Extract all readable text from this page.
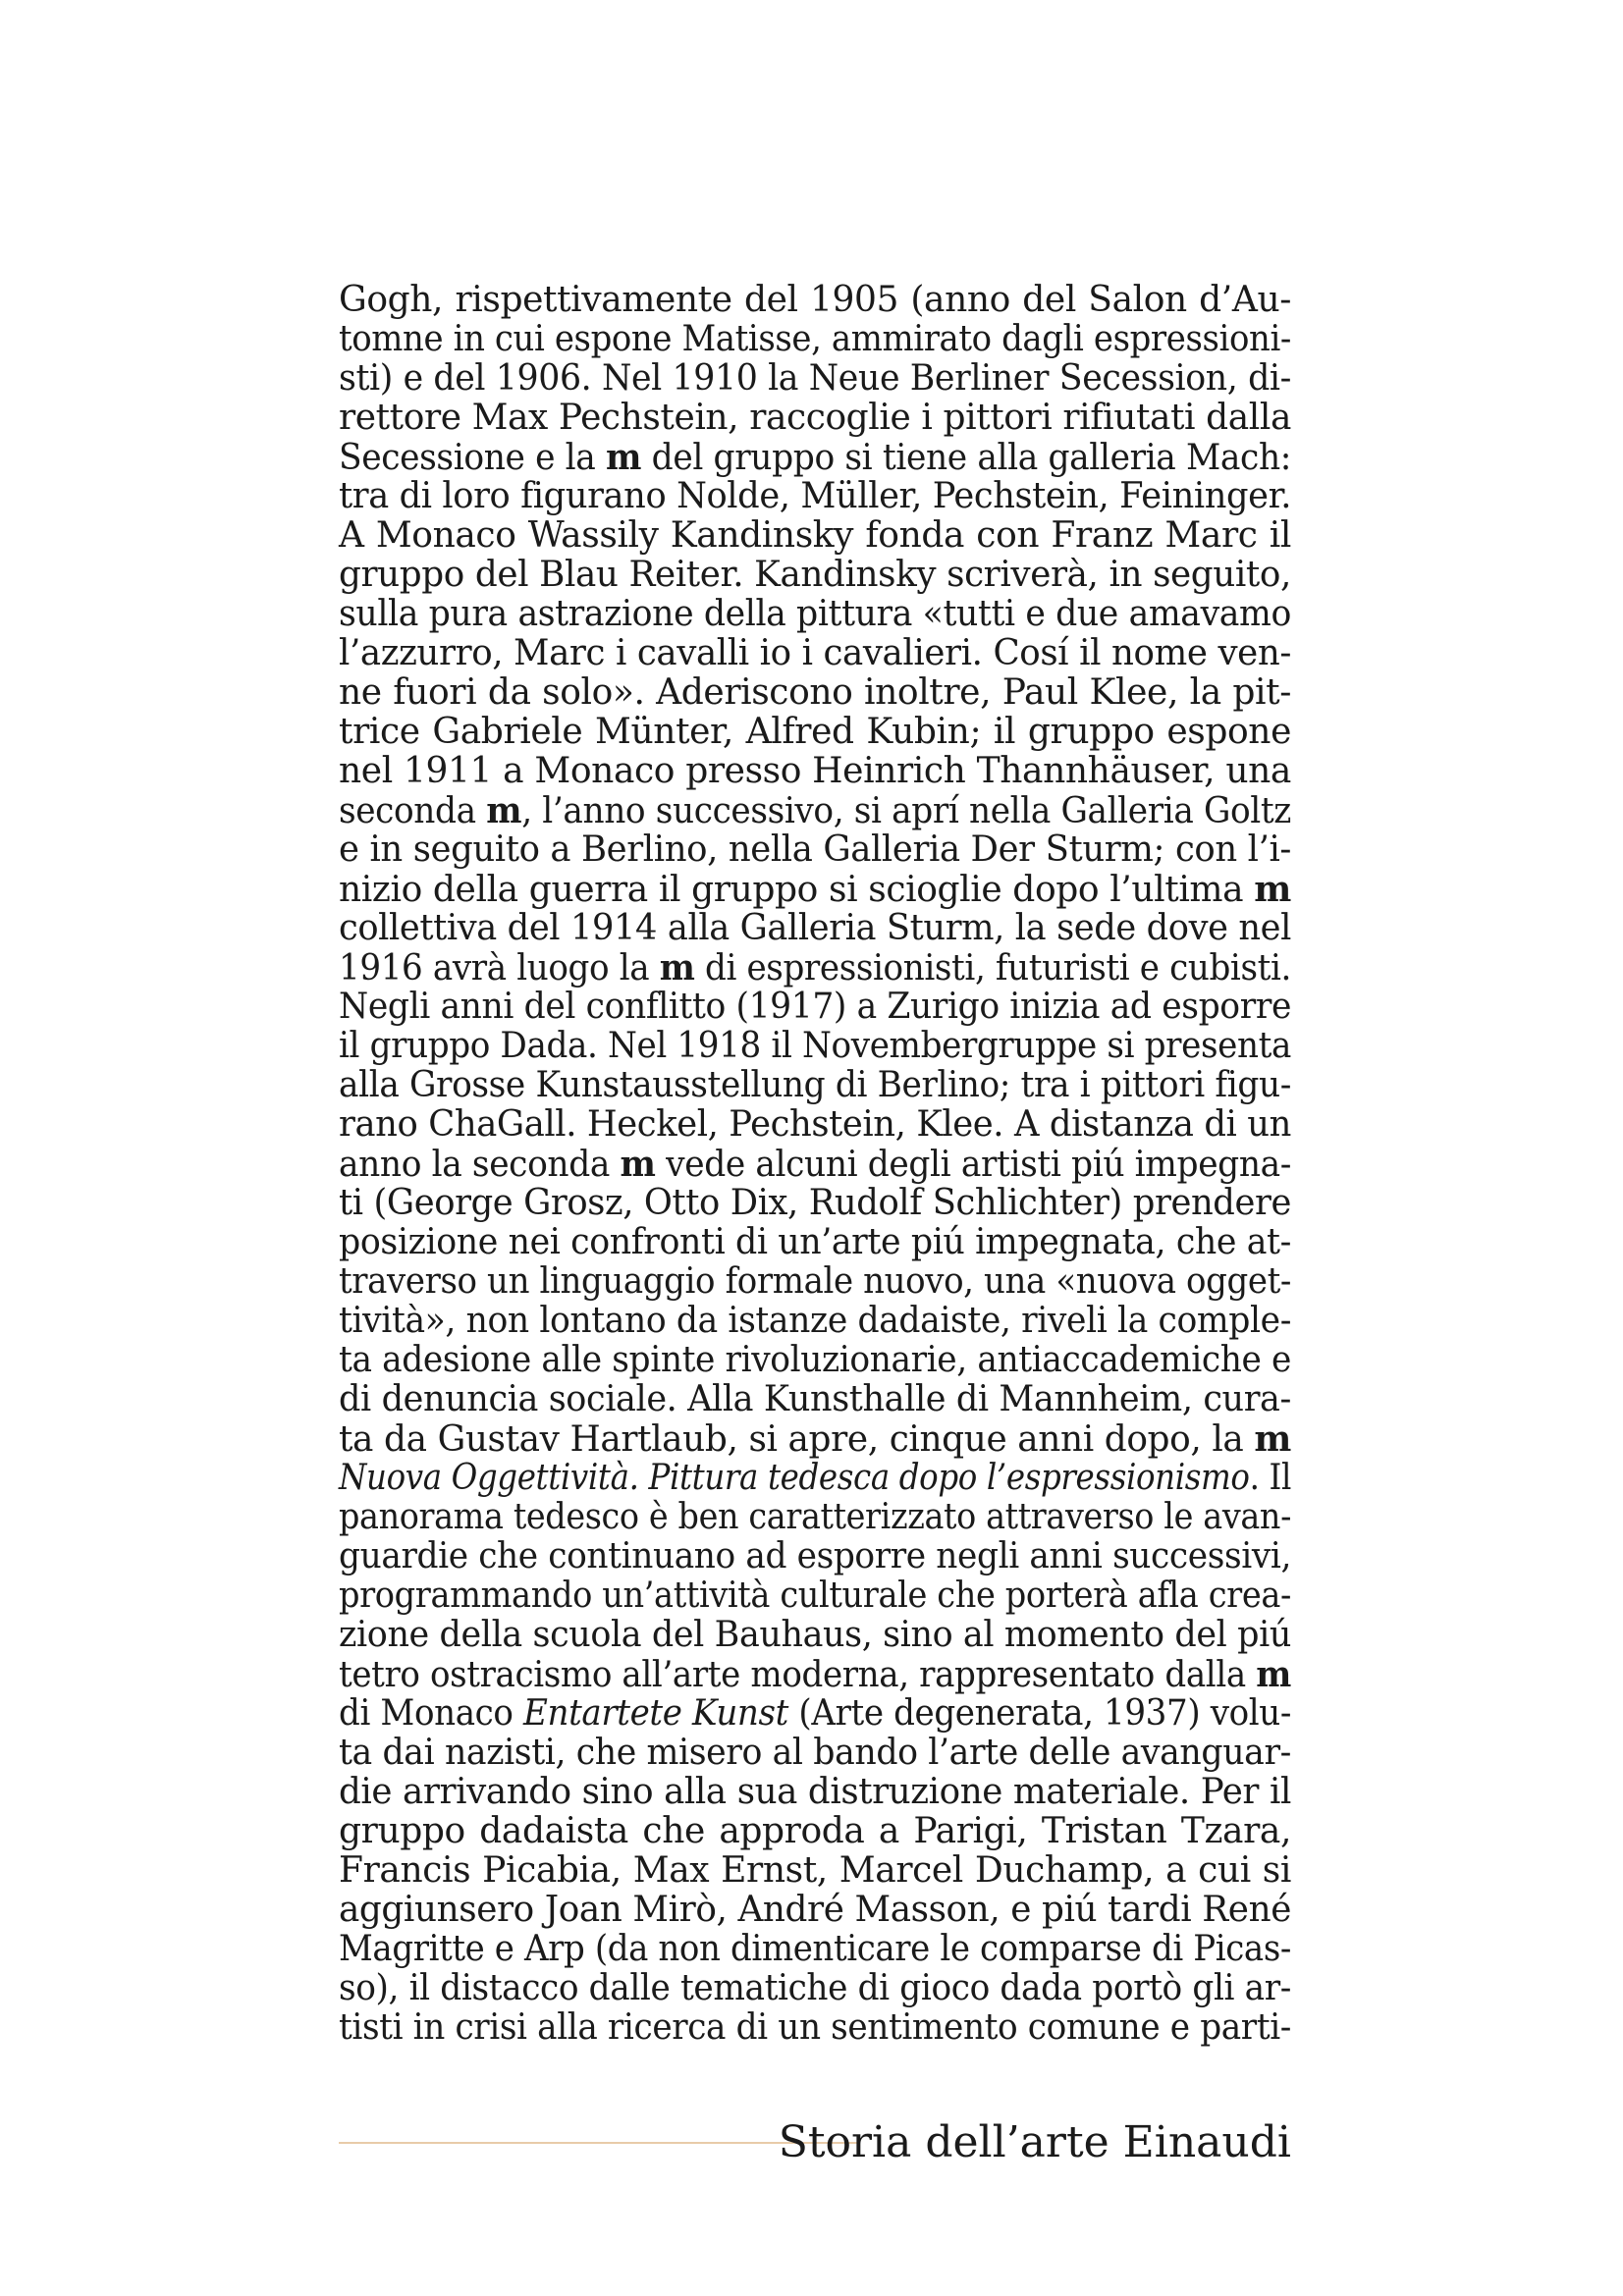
Gogh, rispettivamente del 1905 (anno del Salon d’Au-
tomne in cui espone Matisse, ammirato dagli espressioni-
sti) e del 1906. Nel 1910 la Neue Berliner Secession, di-
rettore Max Pechstein, raccoglie i pittori rifiutati dalla
Secessione e la m del gruppo si tiene alla galleria Mach:
tra di loro figurano Nolde, Müller, Pechstein, Feininger.
A Monaco Wassily Kandinsky fonda con Franz Marc il
gruppo del Blau Reiter. Kandinsky scriverà, in seguito,
sulla pura astrazione della pittura «tutti e due amavamo
l’azzurro, Marc i cavalli io i cavalieri. Cosí il nome ven-
ne fuori da solo». Aderiscono inoltre, Paul Klee, la pit-
trice Gabriele Münter, Alfred Kubin; il gruppo espone
nel 1911 a Monaco presso Heinrich Thannhäuser, una
seconda m, l’anno successivo, si aprí nella Galleria Goltz
e in seguito a Berlino, nella Galleria Der Sturm; con l’i-
nizio della guerra il gruppo si scioglie dopo l’ultima m
collettiva del 1914 alla Galleria Sturm, la sede dove nel
1916 avrà luogo la m di espressionisti, futuristi e cubisti.
Negli anni del conflitto (1917) a Zurigo inizia ad esporre
il gruppo Dada. Nel 1918 il Novembergruppe si presenta
alla Grosse Kunstausstellung di Berlino; tra i pittori figu-
rano ChaGall. Heckel, Pechstein, Klee. A distanza di un
anno la seconda m vede alcuni degli artisti piú impegna-
ti (George Grosz, Otto Dix, Rudolf Schlichter) prendere
posizione nei confronti di un’arte piú impegnata, che at-
traverso un linguaggio formale nuovo, una «nuova ogget-
tività», non lontano da istanze dadaiste, riveli la comple-
ta adesione alle spinte rivoluzionarie, antiaccademiche e
di denuncia sociale. Alla Kunsthalle di Mannheim, cura-
ta da Gustav Hartlaub, si apre, cinque anni dopo, la m
Nuova Oggettività. Pittura tedesca dopo l’espressionismo. Il
panorama tedesco è ben caratterizzato attraverso le avan-
guardie che continuano ad esporre negli anni successivi,
programmando un’attività culturale che porterà afla crea-
zione della scuola del Bauhaus, sino al momento del piú
tetro ostracismo all’arte moderna, rappresentato dalla m
di Monaco Entartete Kunst (Arte degenerata, 1937) volu-
ta dai nazisti, che misero al bando l’arte delle avanguar-
die arrivando sino alla sua distruzione materiale. Per il
gruppo dadaista che approda a Parigi, Tristan Tzara,
Francis Picabia, Max Ernst, Marcel Duchamp, a cui si
aggiunsero Joan Mirò, André Masson, e piú tardi René
Magritte e Arp (da non dimenticare le comparse di Picas-
so), il distacco dalle tematiche di gioco dada portò gli ar-
tisti in crisi alla ricerca di un sentimento comune e parti-
Storia dell’arte Einaudi
